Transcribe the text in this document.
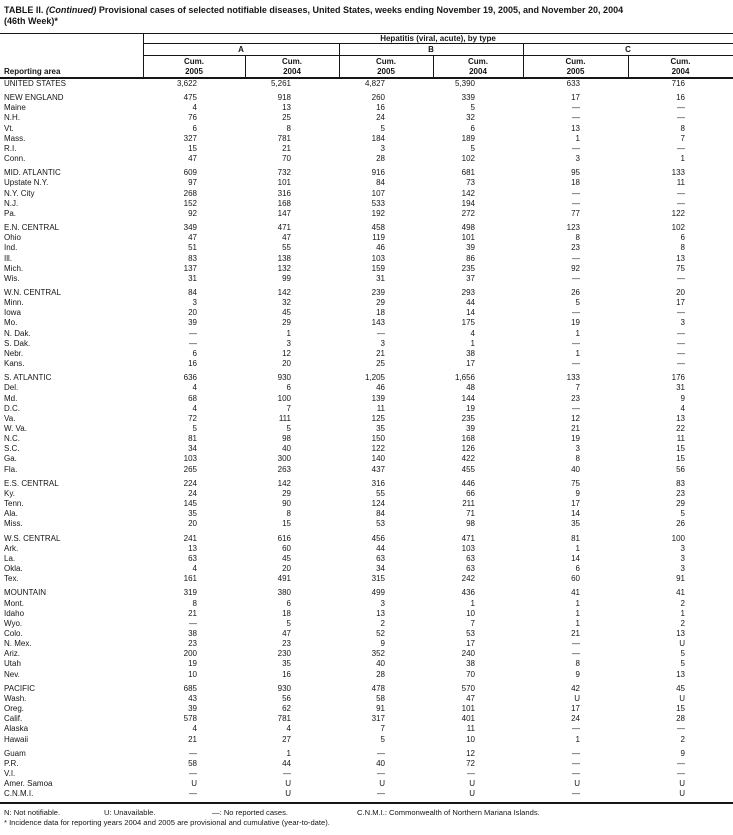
TABLE II. (Continued) Provisional cases of selected notifiable diseases, United States, weeks ending November 19, 2005, and November 20, 2004
(46th Week)*
Hepatitis (viral, acute), by type
A	B	C
Cum.
2005
Cum.
2004
Cum.
2005
Cum.
2004
Cum.
2005
Cum.
2004
Reporting area
UNITED STATES	3,622	5,261	4,827	5,390	633	716
NEW ENGLAND	475	918	260	339	17	16
Maine	4	13	16	5	—	—
N.H.	76	25	24	32	—	—
Vt.	6	8	5	6	13	8
Mass.	327	781	184	189	1	7
R.I.	15	21	3	5	—	—
Conn.	47	70	28	102	3	1
MID. ATLANTIC	609	732	916	681	95	133
Upstate N.Y.	97	101	84	73	18	11
N.Y. City	268	316	107	142	—	—
N.J.	152	168	533	194	—	—
Pa.	92	147	192	272	77	122
E.N. CENTRAL	349	471	458	498	123	102
Ohio	47	47	119	101	8	6
Ind.	51	55	46	39	23	8
Ill.	83	138	103	86	—	13
Mich.	137	132	159	235	92	75
Wis.	31	99	31	37	—	—
W.N. CENTRAL	84	142	239	293	26	20
Minn.	3	32	29	44	5	17
Iowa	20	45	18	14	—	—
Mo.	39	29	143	175	19	3
N. Dak.	—	1	—	4	1	—
S. Dak.	—	3	3	1	—	—
Nebr.	6	12	21	38	1	—
Kans.	16	20	25	17	—	—
S. ATLANTIC	636	930	1,205	1,656	133	176
Del.	4	6	46	48	7	31
Md.	68	100	139	144	23	9
D.C.	4	7	11	19	—	4
Va.	72	111	125	235	12	13
W. Va.	5	5	35	39	21	22
N.C.	81	98	150	168	19	11
S.C.	34	40	122	126	3	15
Ga.	103	300	140	422	8	15
Fla.	265	263	437	455	40	56
E.S. CENTRAL	224	142	316	446	75	83
Ky.	24	29	55	66	9	23
Tenn.	145	90	124	211	17	29
Ala.	35	8	84	71	14	5
Miss.	20	15	53	98	35	26
W.S. CENTRAL	241	616	456	471	81	100
Ark.	13	60	44	103	1	3
La.	63	45	63	63	14	3
Okla.	4	20	34	63	6	3
Tex.	161	491	315	242	60	91
MOUNTAIN	319	380	499	436	41	41
Mont.	8	6	3	1	1	2
Idaho	21	18	13	10	1	1
Wyo.	—	5	2	7	1	2
Colo.	38	47	52	53	21	13
N. Mex.	23	23	9	17	—	U
Ariz.	200	230	352	240	—	5
Utah	19	35	40	38	8	5
Nev.	10	16	28	70	9	13
PACIFIC	685	930	478	570	42	45
Wash.	43	56	58	47	U	U
Oreg.	39	62	91	101	17	15
Calif.	578	781	317	401	24	28
Alaska	4	4	7	11	—	—
Hawaii	21	27	5	10	1	2
Guam	—	1	—	12	—	9
P.R.	58	44	40	72	—	—
V.I.	—	—	—	—	—	—
Amer. Samoa	U	U	U	U	U	U
C.N.M.I.	—	U	—	U	—	U
N: Not notifiable.	U: Unavailable.	—: No reported cases.	C.N.M.I.: Commonwealth of Northern Mariana Islands.
* Incidence data for reporting years 2004 and 2005 are provisional and cumulative (year-to-date).
